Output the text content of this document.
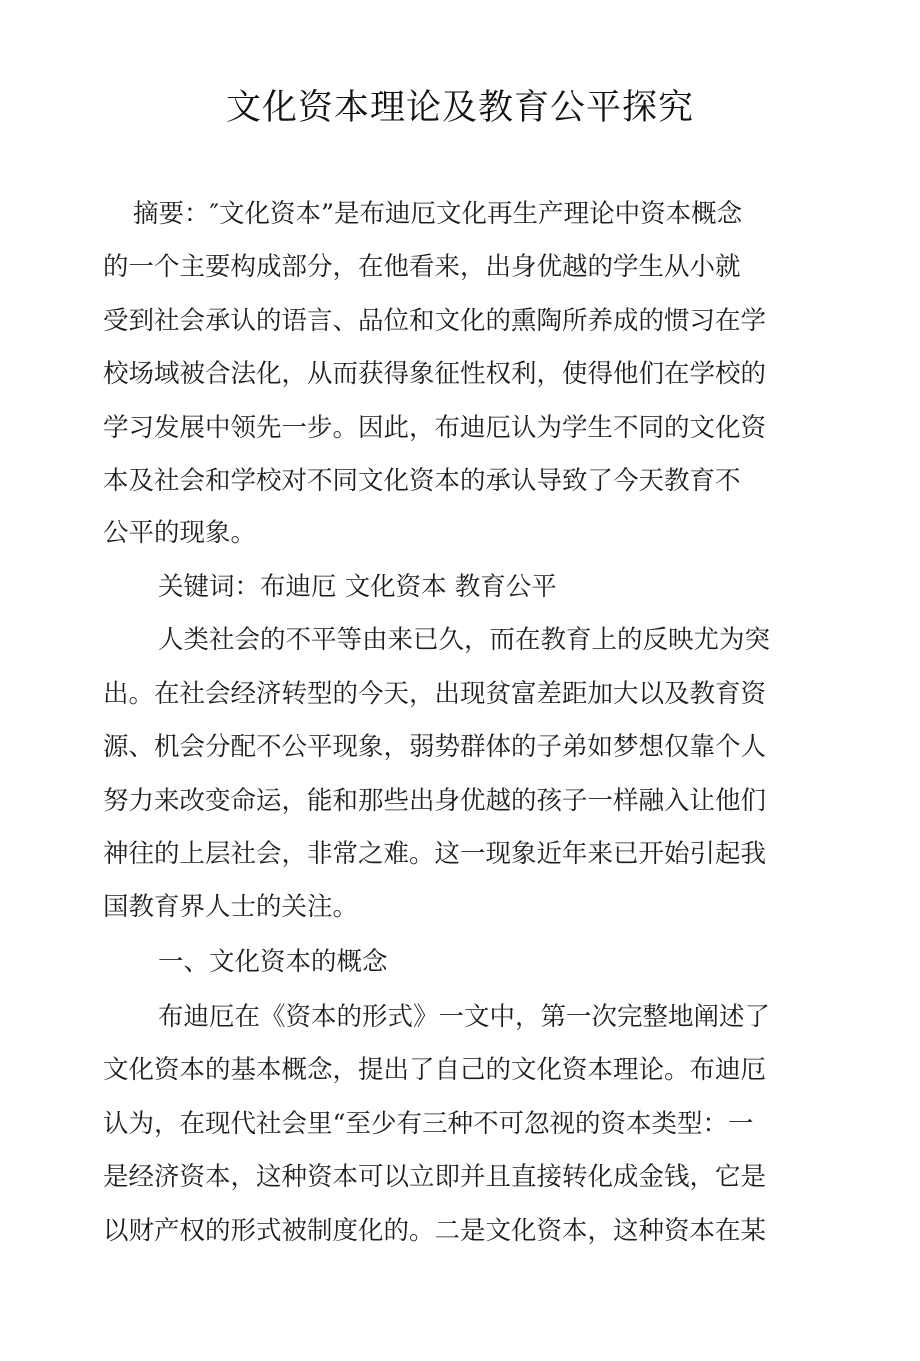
文化资本理论及教育公平探究
摘要：″文化资本”是布迪厄文化再生产理论中资本概念
的一个主要构成部分，在他看来，出身优越的学生从小就
受到社会承认的语言、品位和文化的熏陶所养成的惯习在学
校场域被合法化，从而获得象征性权利，使得他们在学校的
学习发展中领先一步。因此，布迪厄认为学生不同的文化资
本及社会和学校对不同文化资本的承认导致了今天教育不
公平的现象。
关键词：布迪厄 文化资本 教育公平
人类社会的不平等由来已久，而在教育上的反映尤为突
出。在社会经济转型的今天，出现贫富差距加大以及教育资
源、机会分配不公平现象，弱势群体的子弟如梦想仅靠个人
努力来改变命运，能和那些出身优越的孩子一样融入让他们
神往的上层社会，非常之难。这一现象近年来已开始引起我
国教育界人士的关注。
一、文化资本的概念
布迪厄在《资本的形式》一文中，第一次完整地阐述了
文化资本的基本概念，提出了自己的文化资本理论。布迪厄
认为，在现代社会里“至少有三种不可忽视的资本类型：一
是经济资本，这种资本可以立即并且直接转化成金钱，它是
以财产权的形式被制度化的。二是文化资本，这种资本在某
